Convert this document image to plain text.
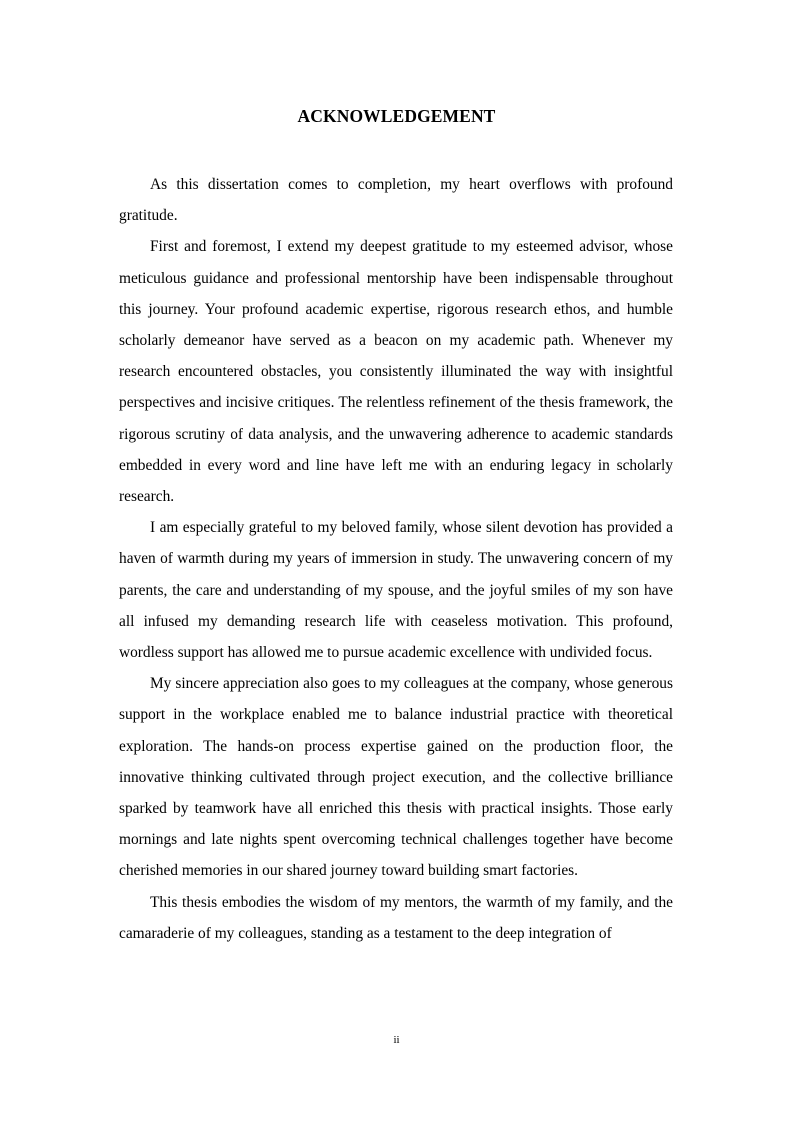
ACKNOWLEDGEMENT

As this dissertation comes to completion, my heart overflows with profound gratitude.

First and foremost, I extend my deepest gratitude to my esteemed advisor, whose meticulous guidance and professional mentorship have been indispensable throughout this journey. Your profound academic expertise, rigorous research ethos, and humble scholarly demeanor have served as a beacon on my academic path. Whenever my research encountered obstacles, you consistently illuminated the way with insightful perspectives and incisive critiques. The relentless refinement of the thesis framework, the rigorous scrutiny of data analysis, and the unwavering adherence to academic standards embedded in every word and line have left me with an enduring legacy in scholarly research.

I am especially grateful to my beloved family, whose silent devotion has provided a haven of warmth during my years of immersion in study. The unwavering concern of my parents, the care and understanding of my spouse, and the joyful smiles of my son have all infused my demanding research life with ceaseless motivation. This profound, wordless support has allowed me to pursue academic excellence with undivided focus.

My sincere appreciation also goes to my colleagues at the company, whose generous support in the workplace enabled me to balance industrial practice with theoretical exploration. The hands-on process expertise gained on the production floor, the innovative thinking cultivated through project execution, and the collective brilliance sparked by teamwork have all enriched this thesis with practical insights. Those early mornings and late nights spent overcoming technical challenges together have become cherished memories in our shared journey toward building smart factories.

This thesis embodies the wisdom of my mentors, the warmth of my family, and the camaraderie of my colleagues, standing as a testament to the deep integration of

ii
